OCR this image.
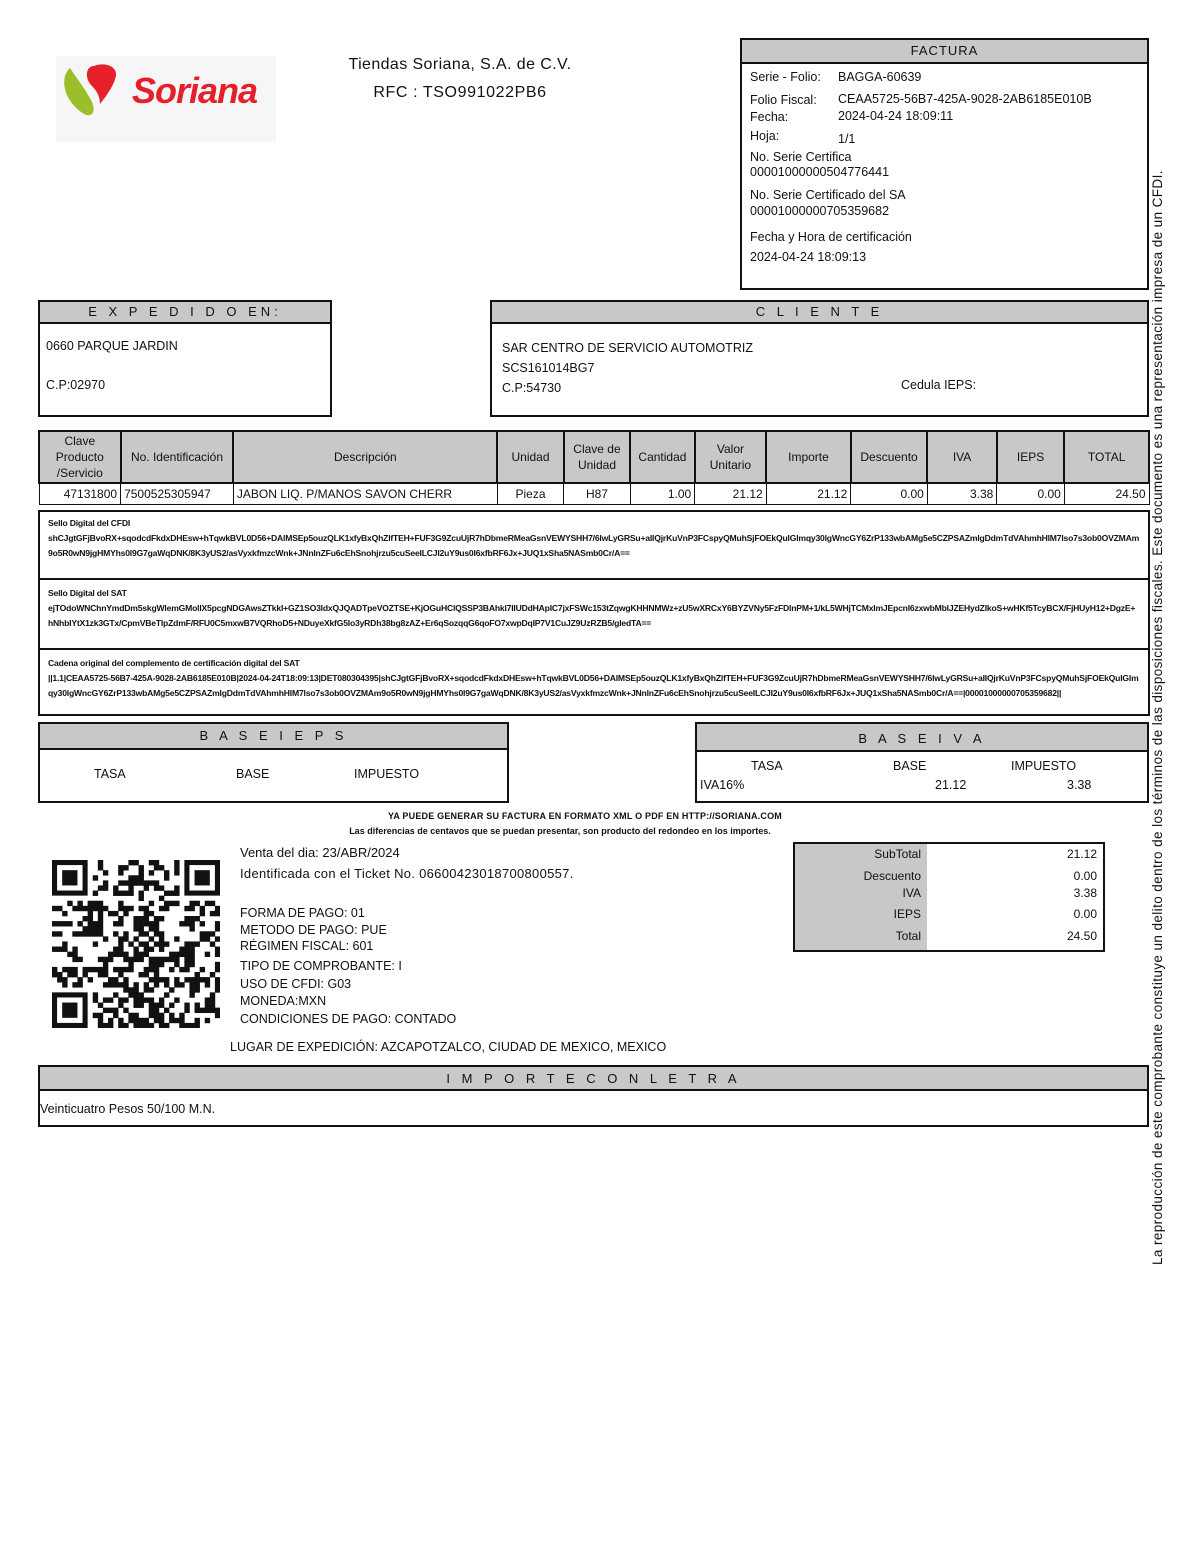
Soriana
Tiendas Soriana, S.A. de C.V.
RFC : TSO991022PB6
FACTURA
Serie - Folio: BAGGA-60639
Folio Fiscal: CEAA5725-56B7-425A-9028-2AB6185E010B
Fecha:	2024-04-24 18:09:11
Hoja:	1/1
No. Serie Certifica
00001000000504776441
No. Serie Certificado del SA
00001000000705359682
Fecha y Hora de certificación
2024-04-24 18:09:13
E X P E D I D O EN:
0660 PARQUE JARDIN
C.P:02970
C L I E N T E
SAR CENTRO DE SERVICIO AUTOMOTRIZ
SCS161014BG7
C.P:54730	Cedula IEPS:
Clave Producto /Servicio	No. Identificación	Descripción	Unidad	Clave de Unidad	Cantidad	Valor Unitario	Importe	Descuento	IVA	IEPS	TOTAL
47131800	7500525305947	JABON LIQ. P/MANOS SAVON CHERR	Pieza	H87	1.00	21.12	21.12	0.00	3.38	0.00	24.50
Sello Digital del CFDI
shCJgtGFjBvoRX+sqodcdFkdxDHEsw+hTqwkBVL0D56+DAlMSEp5ouzQLK1xfyBxQhZlfTEH+FUF3G9ZcuUjR7hDbmeRMeaGsnVEWYSHH7/6lwLyGRSu+aIIQjrKuVnP3FCspyQMuhSjFOEkQuIGlmqy30lgWncGY6ZrP133wbAMg5e5CZPSAZmlgDdmTdVAhmhHlM7lso7s3ob0OVZMAm9o5R0wN9jgHMYhs0l9G7gaWqDNK/8K3yUS2/asVyxkfmzcWnk+JNnlnZFu6cEhSnohjrzu5cuSeeILCJI2uY9us0I6xfbRF6Jx+JUQ1xSha5NASmb0Cr/A==
Sello Digital del SAT
ejTOdoWNChnYmdDm5skgWlemGMollX5pcgNDGAwsZTkkI+GZ1SO3ldxQJQADTpeVOZTSE+KjOGuHClQSSP3BAhkl7IIUDdHApIC7jxFSWc153tZqwgKHHNMWz+zU5wXRCxY6BYZVNy5FzFDInPM+1/kL5WHjTCMxImJEpcnl6zxwbMbIJZEHydZIkoS+wHKf5TcyBCX/FjHUyH12+DgzE+hNhbIYtX1zk3GTx/CpmVBeTlpZdmF/RFU0C5mxwB7VQRhoD5+NDuyeXkfG5lo3yRDh38bg8zAZ+Er6qSozqqG6qoFO7xwpDqIP7V1CuJZ9UzRZB5/gIedTA==
Cadena original del complemento de certificación digital del SAT
||1.1|CEAA5725-56B7-425A-9028-2AB6185E010B|2024-04-24T18:09:13|DET080304395|shCJgtGFjBvoRX+sqodcdFkdxDHEsw+hTqwkBVL0D56+DAlMSEp5ouzQLK1xfyBxQhZlfTEH+FUF3G9ZcuUjR7hDbmeRMeaGsnVEWYSHH7/6lwLyGRSu+aIIQjrKuVnP3FCspyQMuhSjFOEkQuIGlmqy30lgWncGY6ZrP133wbAMg5e5CZPSAZmlgDdmTdVAhmhHlM7lso7s3ob0OVZMAm9o5R0wN9jgHMYhs0l9G7gaWqDNK/8K3yUS2/asVyxkfmzcWnk+JNnlnZFu6cEhSnohjrzu5cuSeeILCJI2uY9us0I6xfbRF6Jx+JUQ1xSha5NASmb0Cr/A==|00001000000705359682||
B A S E I E P S
TASA	BASE	IMPUESTO
B A S E I V A
TASA	BASE	IMPUESTO
IVA16%	21.12	3.38
YA PUEDE GENERAR SU FACTURA EN FORMATO XML O PDF EN HTTP://SORIANA.COM
Las diferencias de centavos que se puedan presentar, son producto del redondeo en los importes.
Venta del dia: 23/ABR/2024
Identificada con el Ticket No. 06600423018700800557.
FORMA DE PAGO: 01
METODO DE PAGO: PUE
RÉGIMEN FISCAL: 601
TIPO DE COMPROBANTE: I
USO DE CFDI: G03
MONEDA:MXN
CONDICIONES DE PAGO: CONTADO
LUGAR DE EXPEDICIÓN: AZCAPOTZALCO, CIUDAD DE MEXICO, MEXICO
SubTotal	21.12
Descuento	0.00
IVA	3.38
IEPS	0.00
Total	24.50
I M P O R T E C O N L E T R A
Veinticuatro Pesos 50/100 M.N.	La reproducción de este comprobante constituye un delito dentro de los términos de las disposiciones fiscales. Este documento es una representación impresa de un CFDI.
